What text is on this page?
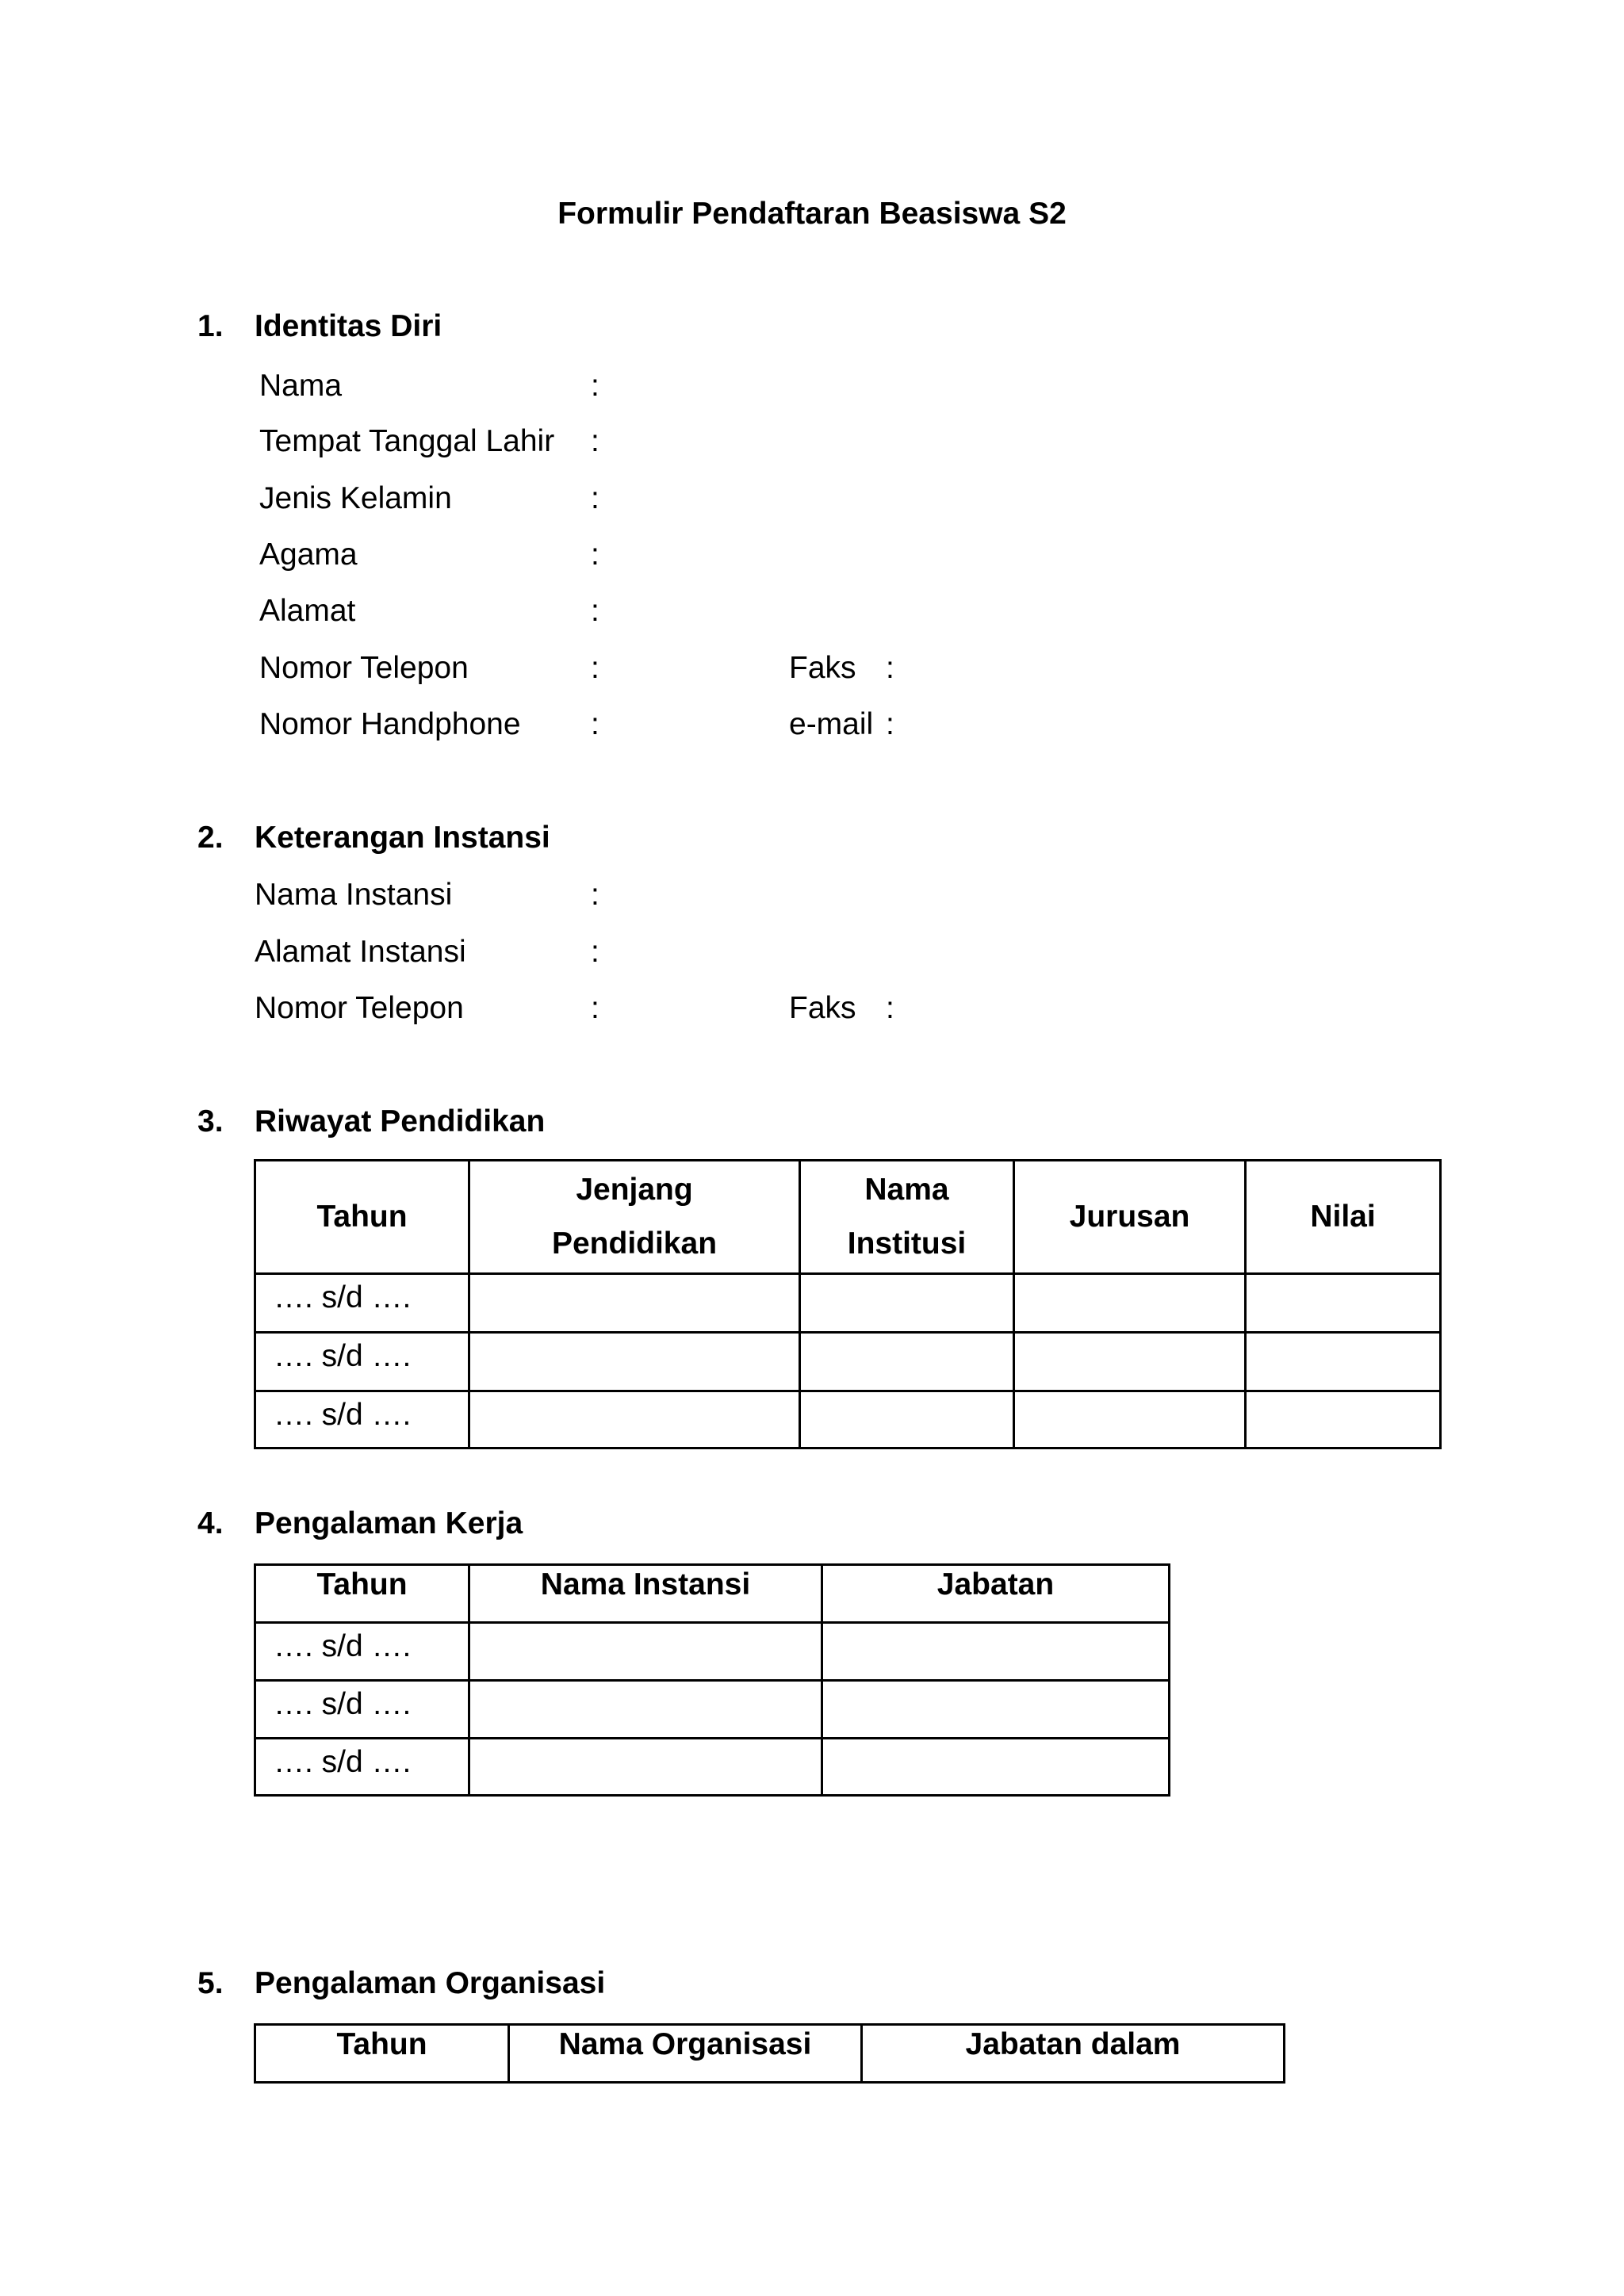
Formulir Pendaftaran Beasiswa S2
1. Identitas Diri
Nama	:
Tempat Tanggal Lahir :
Jenis Kelamin	:
Agama	:
Alamat	:
Nomor Telepon	:	Faks :
Nomor Handphone :	e-mail :
2. Keterangan Instansi
Nama Instansi	:
Alamat Instansi	:
Nomor Telepon	:	Faks :
3. Riwayat Pendidikan
Tahun	Jenjang Pendidikan	Nama Institusi	Jurusan	Nilai
…. s/d ….				
…. s/d ….				
…. s/d ….				
4. Pengalaman Kerja
Tahun	Nama Instansi	Jabatan
…. s/d ….		
…. s/d ….		
…. s/d ….		
5. Pengalaman Organisasi
Tahun	Nama Organisasi	Jabatan dalam
